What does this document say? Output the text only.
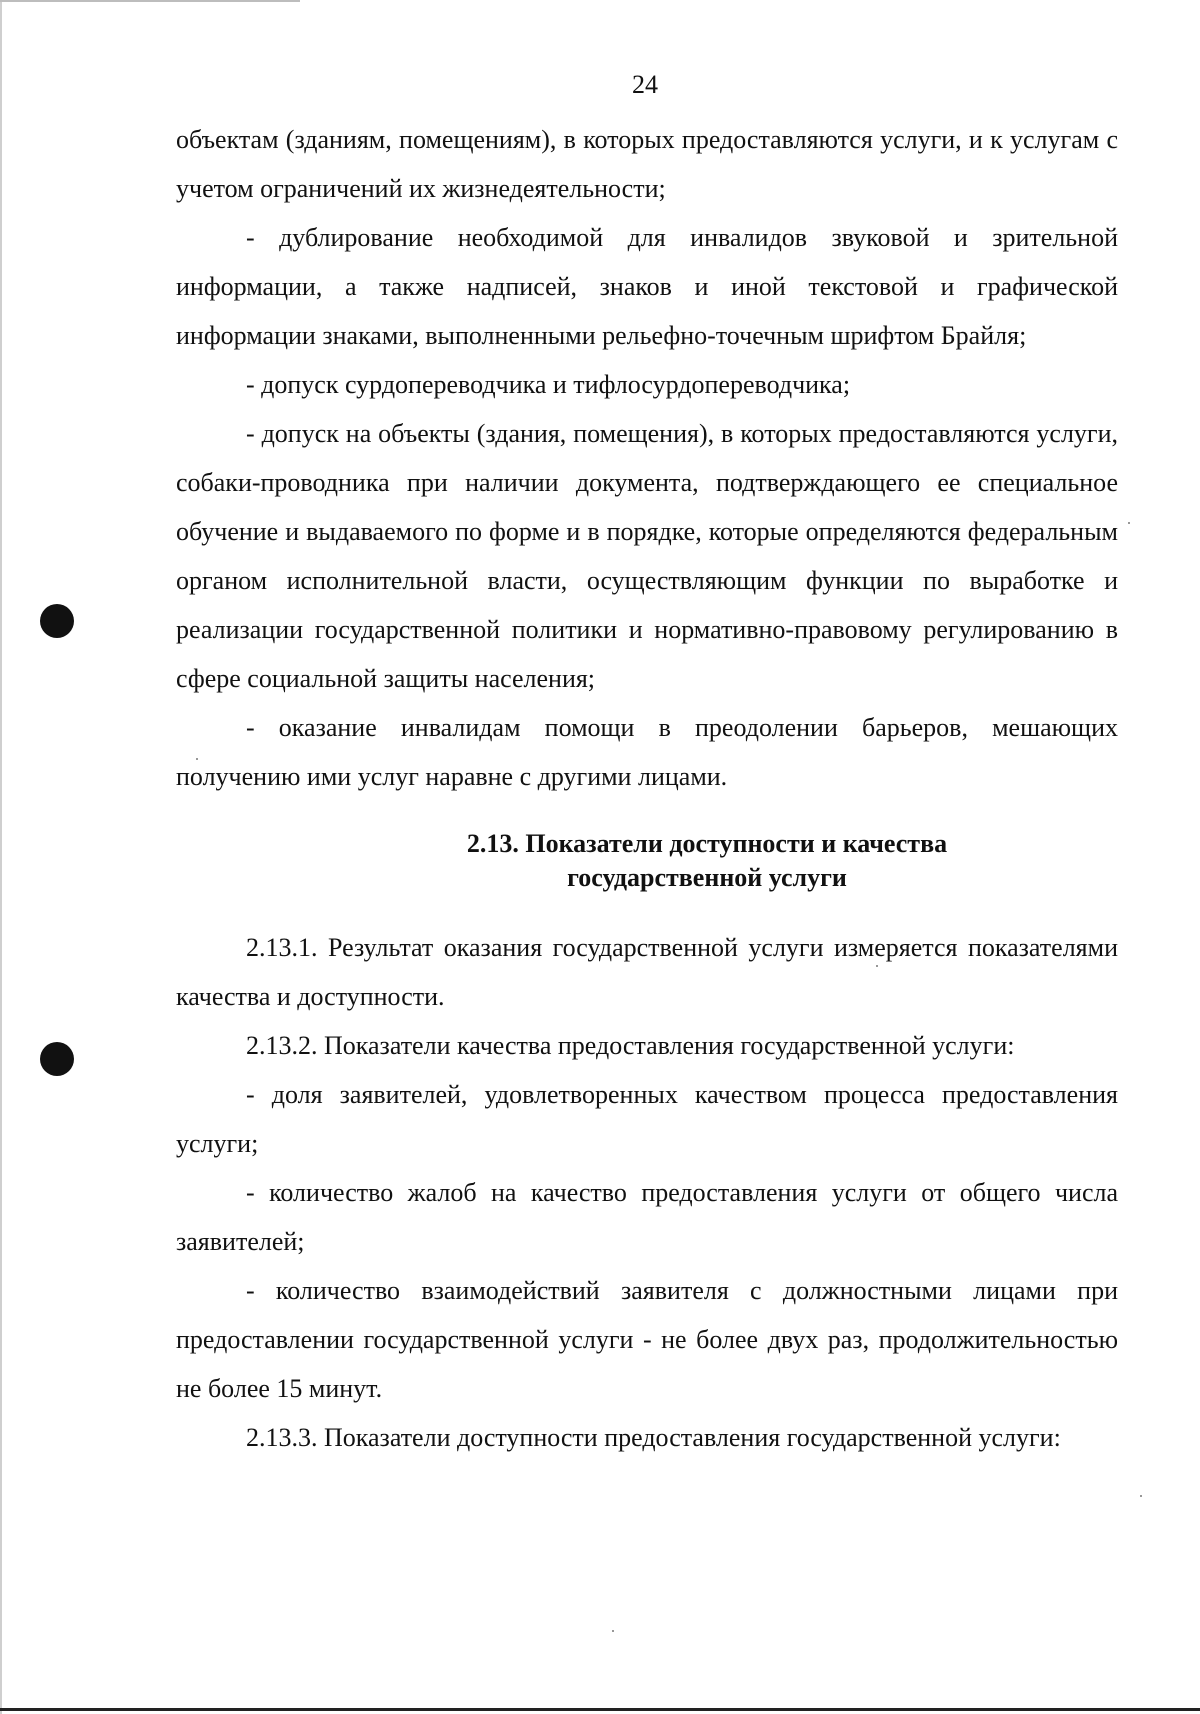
24

объектам (зданиям, помещениям), в которых предоставляются услуги, и к услугам с учетом ограничений их жизнедеятельности;

- дублирование необходимой для инвалидов звуковой и зрительной информации, а также надписей, знаков и иной текстовой и графической информации знаками, выполненными рельефно-точечным шрифтом Брайля;

- допуск сурдопереводчика и тифлосурдопереводчика;

- допуск на объекты (здания, помещения), в которых предоставляются услуги, собаки-проводника при наличии документа, подтверждающего ее специальное обучение и выдаваемого по форме и в порядке, которые определяются федеральным органом исполнительной власти, осуществляющим функции по выработке и реализации государственной политики и нормативно-правовому регулированию в сфере социальной защиты населения;

- оказание инвалидам помощи в преодолении барьеров, мешающих получению ими услуг наравне с другими лицами.

2.13. Показатели доступности и качества
государственной услуги

2.13.1. Результат оказания государственной услуги измеряется показателями качества и доступности.

2.13.2. Показатели качества предоставления государственной услуги:

- доля заявителей, удовлетворенных качеством процесса предоставления услуги;

- количество жалоб на качество предоставления услуги от общего числа заявителей;

- количество взаимодействий заявителя с должностными лицами при предоставлении государственной услуги - не более двух раз, продолжительностью не более 15 минут.

2.13.3. Показатели доступности предоставления государственной услуги:
